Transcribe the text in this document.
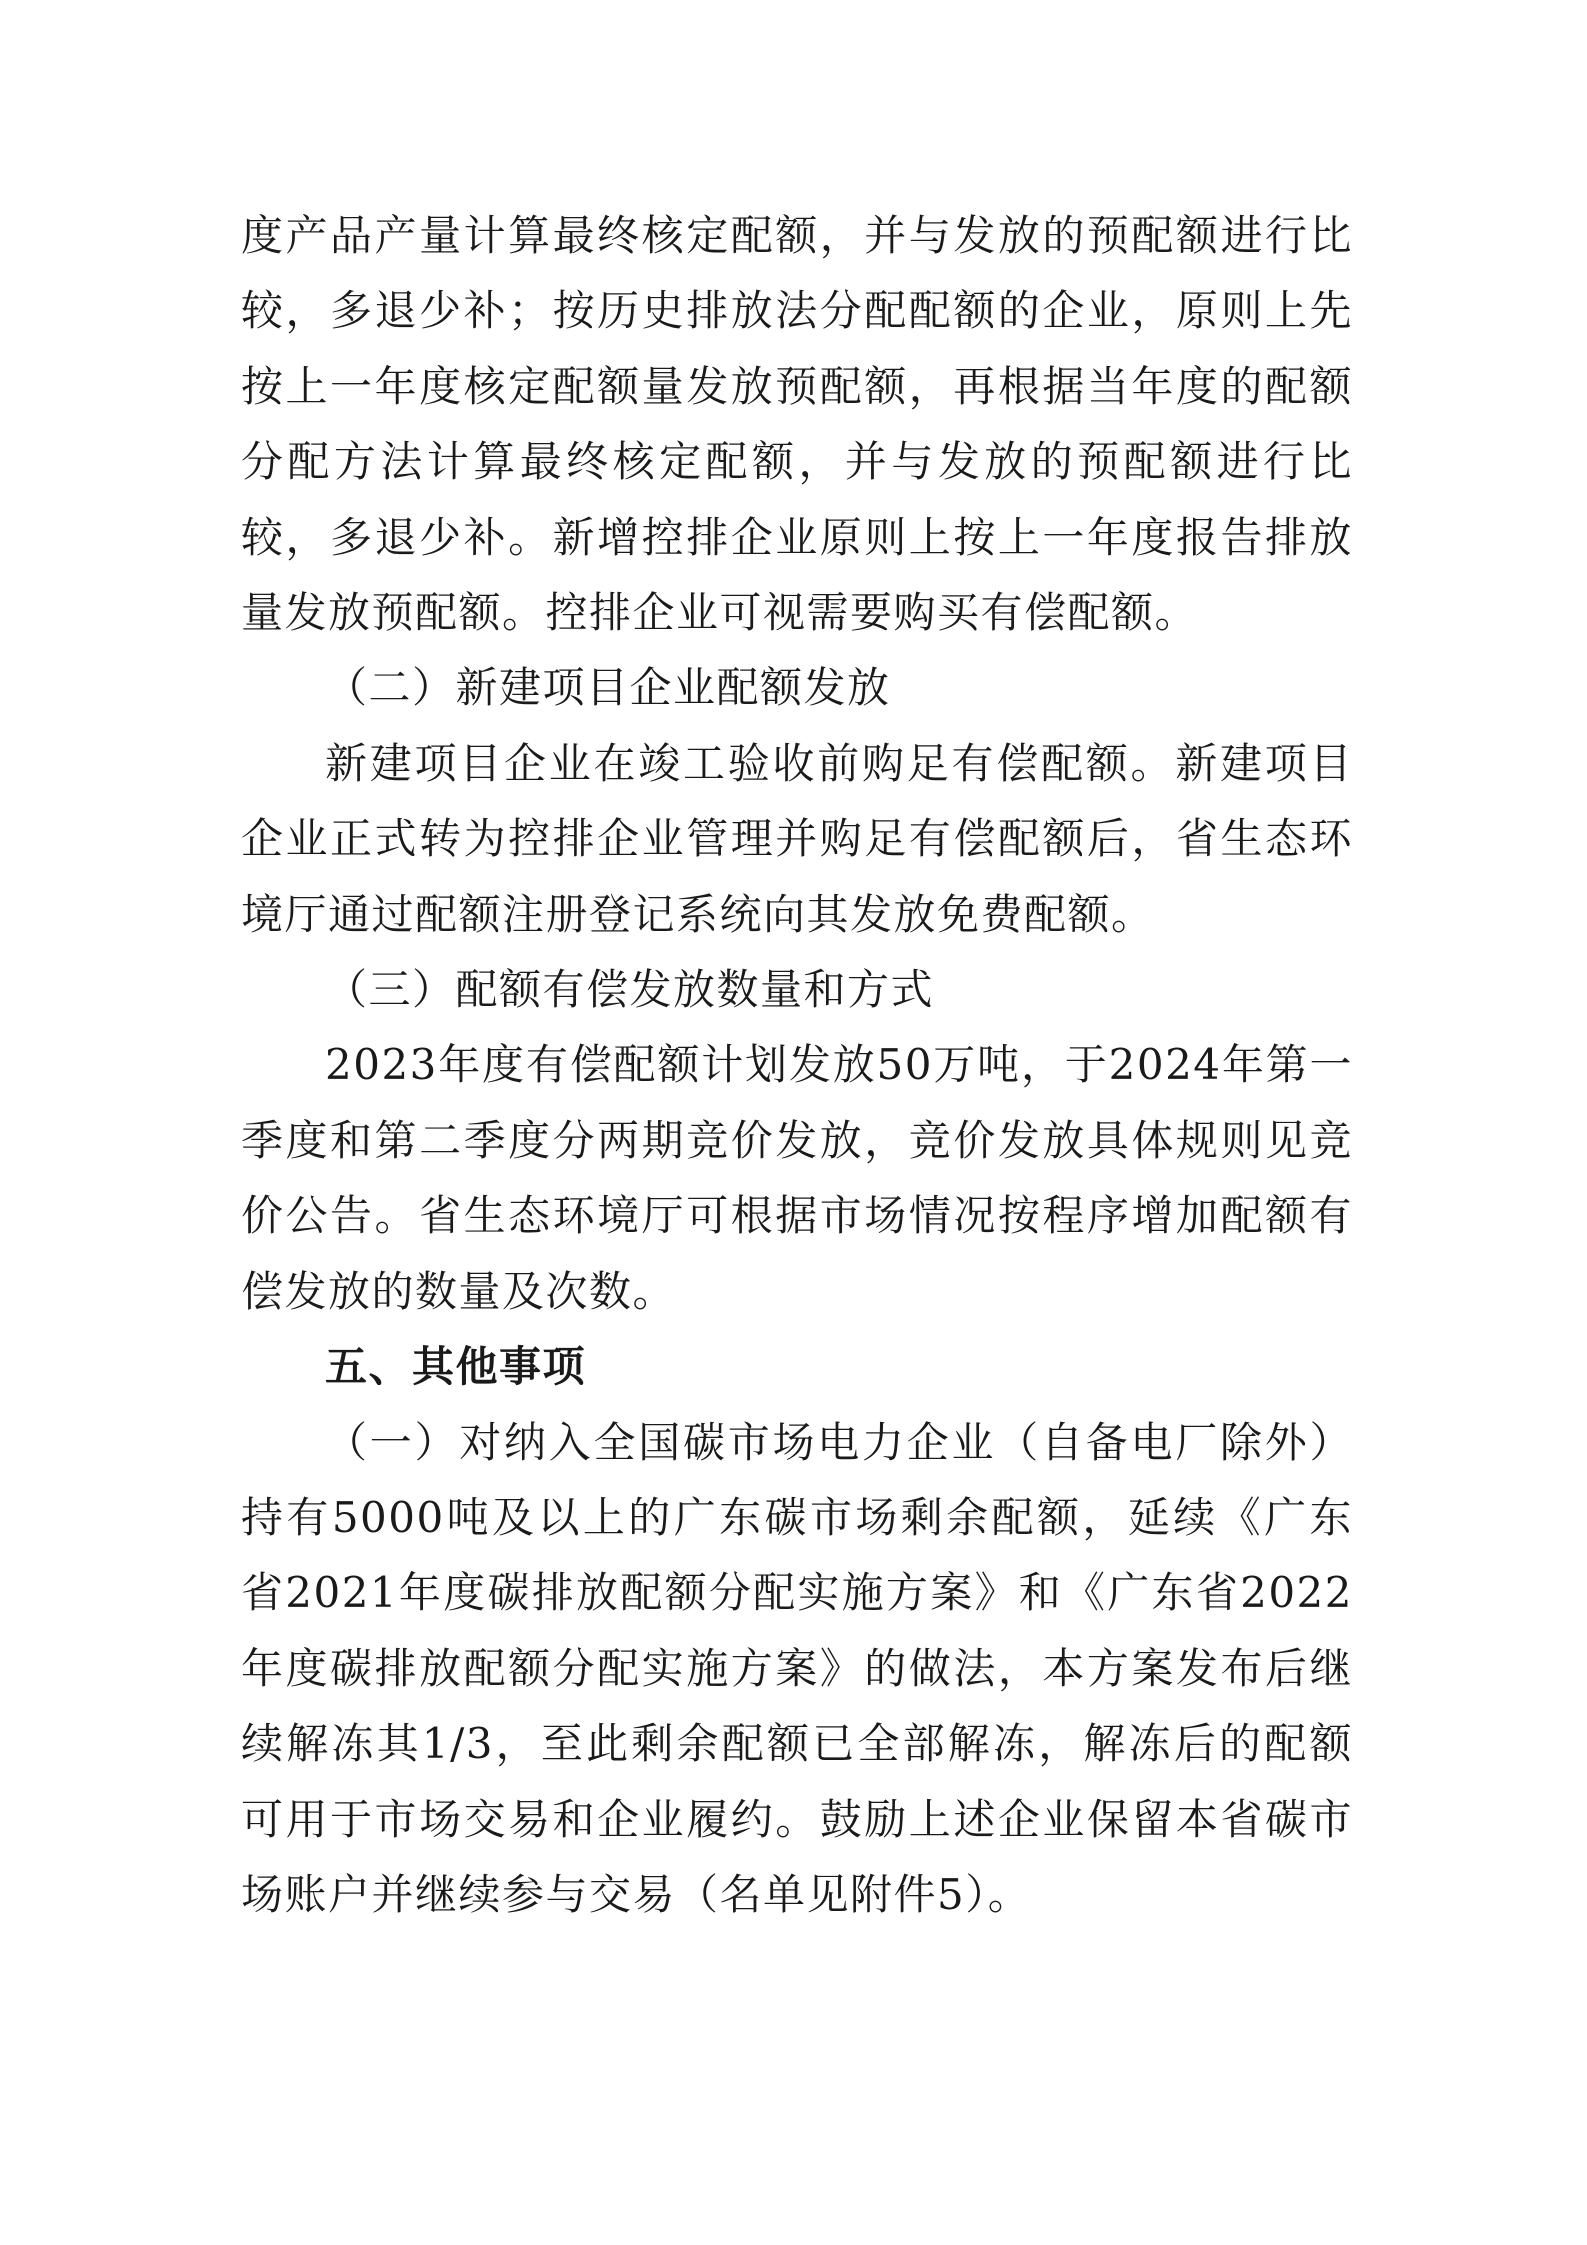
度产品产量计算最终核定配额，并与发放的预配额进行比较，多退少补；按历史排放法分配配额的企业，原则上先按上一年度核定配额量发放预配额，再根据当年度的配额分配方法计算最终核定配额，并与发放的预配额进行比较，多退少补。新增控排企业原则上按上一年度报告排放量发放预配额。控排企业可视需要购买有偿配额。

（二）新建项目企业配额发放

新建项目企业在竣工验收前购足有偿配额。新建项目企业正式转为控排企业管理并购足有偿配额后，省生态环境厅通过配额注册登记系统向其发放免费配额。

（三）配额有偿发放数量和方式

2023年度有偿配额计划发放50万吨，于2024年第一季度和第二季度分两期竞价发放，竞价发放具体规则见竞价公告。省生态环境厅可根据市场情况按程序增加配额有偿发放的数量及次数。

五、其他事项

（一）对纳入全国碳市场电力企业（自备电厂除外）持有5000吨及以上的广东碳市场剩余配额，延续《广东省2021年度碳排放配额分配实施方案》和《广东省2022年度碳排放配额分配实施方案》的做法，本方案发布后继续解冻其1/3，至此剩余配额已全部解冻，解冻后的配额可用于市场交易和企业履约。鼓励上述企业保留本省碳市场账户并继续参与交易（名单见附件5）。
